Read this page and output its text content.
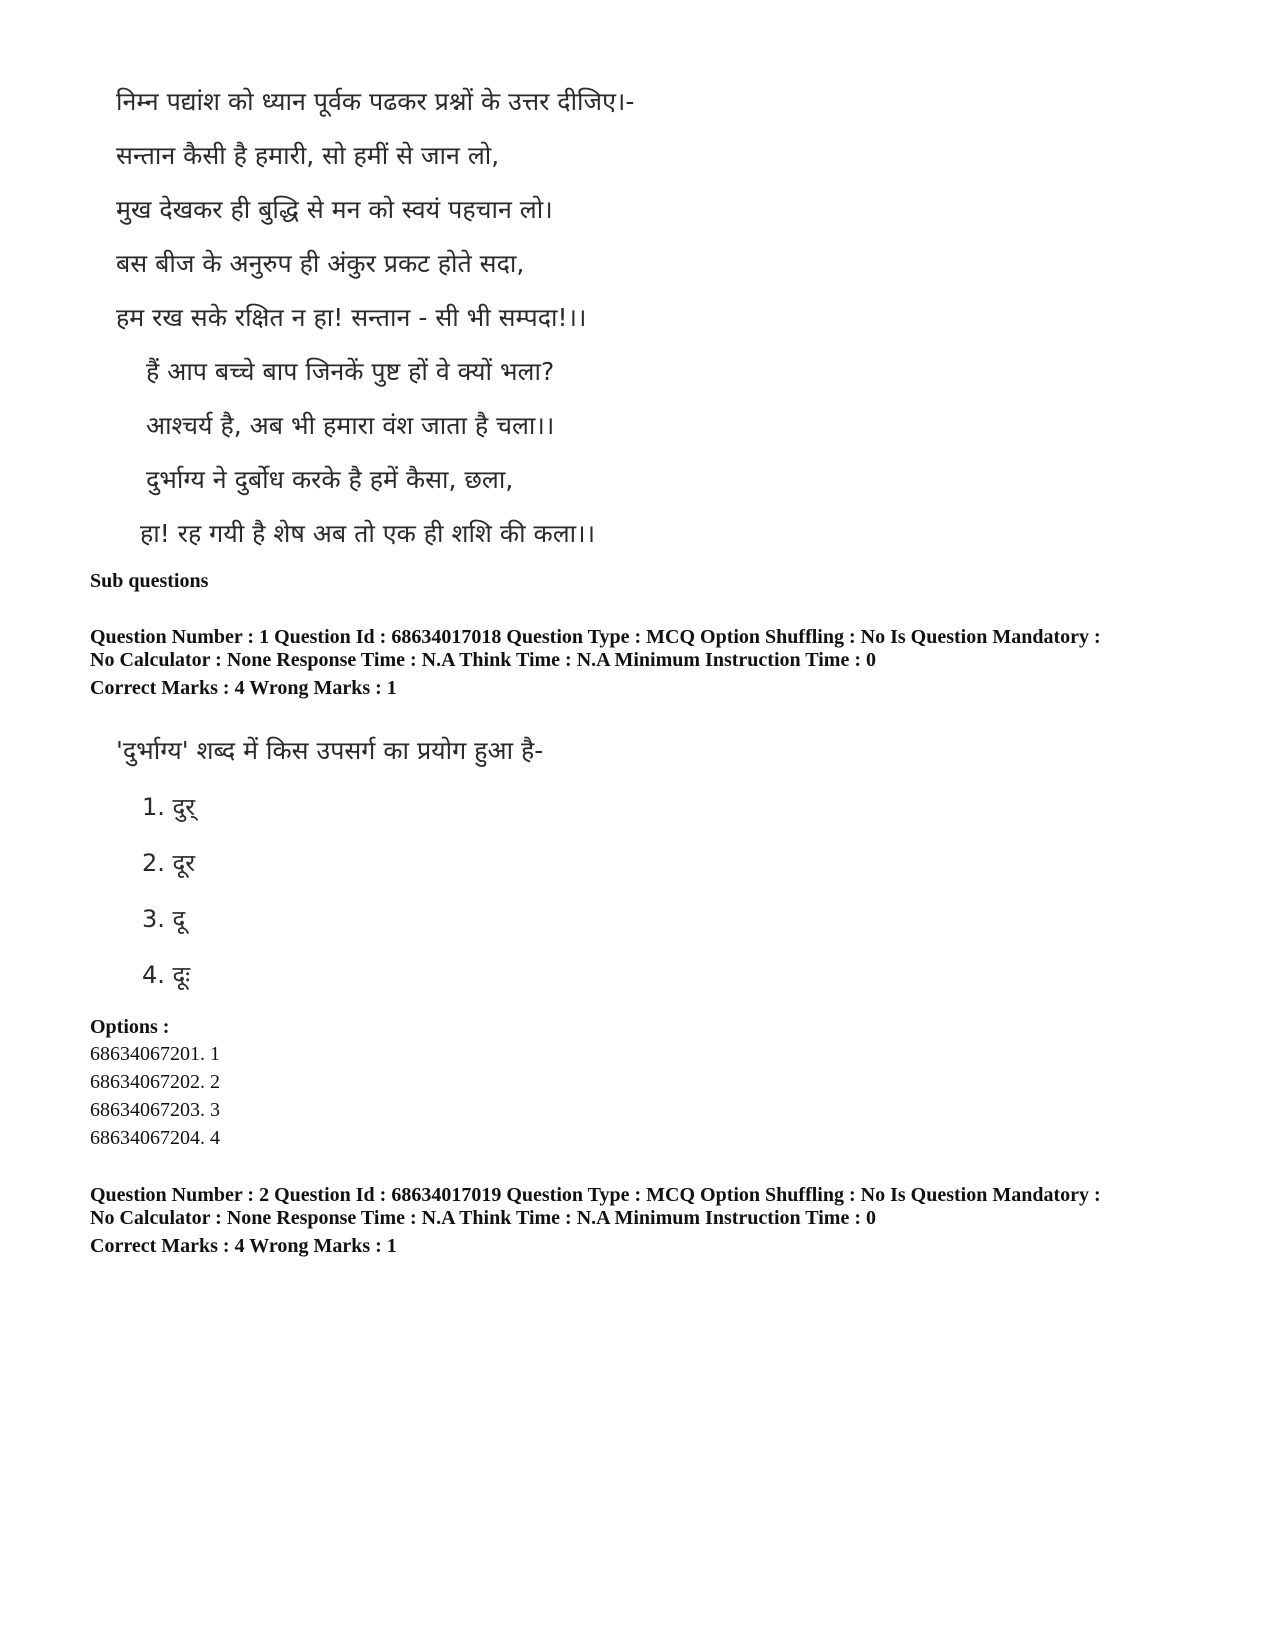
निम्न पद्यांश को ध्यान पूर्वक पढकर प्रश्नों के उत्तर दीजिए।-
सन्तान कैसी है हमारी, सो हमीं से जान लो,
मुख देखकर ही बुद्धि से मन को स्वयं पहचान लो।
बस बीज के अनुरुप ही अंकुर प्रकट होते सदा,
हम रख सके रक्षित न हा! सन्तान - सी भी सम्पदा!।।
हैं आप बच्चे बाप जिनकें पुष्ट हों वे क्यों भला?
आश्चर्य है, अब भी हमारा वंश जाता है चला।।
दुर्भाग्य ने दुर्बोध करके है हमें कैसा, छला,
हा! रह गयी है शेष अब तो एक ही शशि की कला।।
Sub questions
Question Number : 1 Question Id : 68634017018 Question Type : MCQ Option Shuffling : No Is Question Mandatory :
No Calculator : None Response Time : N.A Think Time : N.A Minimum Instruction Time : 0
Correct Marks : 4 Wrong Marks : 1
'दुर्भाग्य' शब्द में किस उपसर्ग का प्रयोग हुआ है-
1. दुर्
2. दूर
3. दू
4. दूः
Options :
68634067201. 1
68634067202. 2
68634067203. 3
68634067204. 4
Question Number : 2 Question Id : 68634017019 Question Type : MCQ Option Shuffling : No Is Question Mandatory :
No Calculator : None Response Time : N.A Think Time : N.A Minimum Instruction Time : 0
Correct Marks : 4 Wrong Marks : 1
